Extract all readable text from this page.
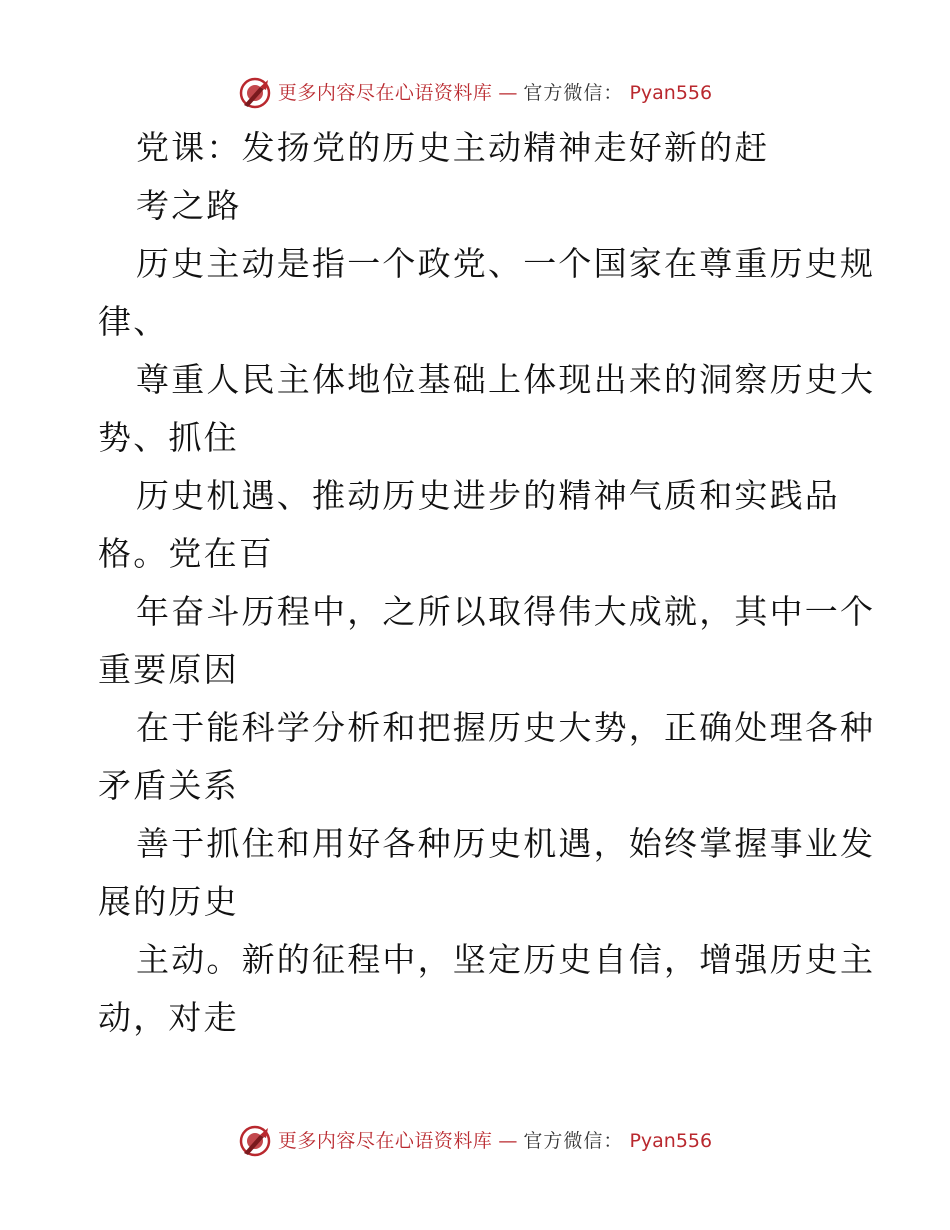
更多内容尽在心语资料库 — 官方微信： Pyan556
党课：发扬党的历史主动精神走好新的赶
考之路
历史主动是指一个政党、一个国家在尊重历史规
律、
尊重人民主体地位基础上体现出来的洞察历史大
势、抓住
历史机遇、推动历史进步的精神气质和实践品
格。党在百
年奋斗历程中，之所以取得伟大成就，其中一个
重要原因
在于能科学分析和把握历史大势，正确处理各种
矛盾关系
善于抓住和用好各种历史机遇，始终掌握事业发
展的历史
主动。新的征程中，坚定历史自信，增强历史主
动，对走
更多内容尽在心语资料库 — 官方微信： Pyan556
